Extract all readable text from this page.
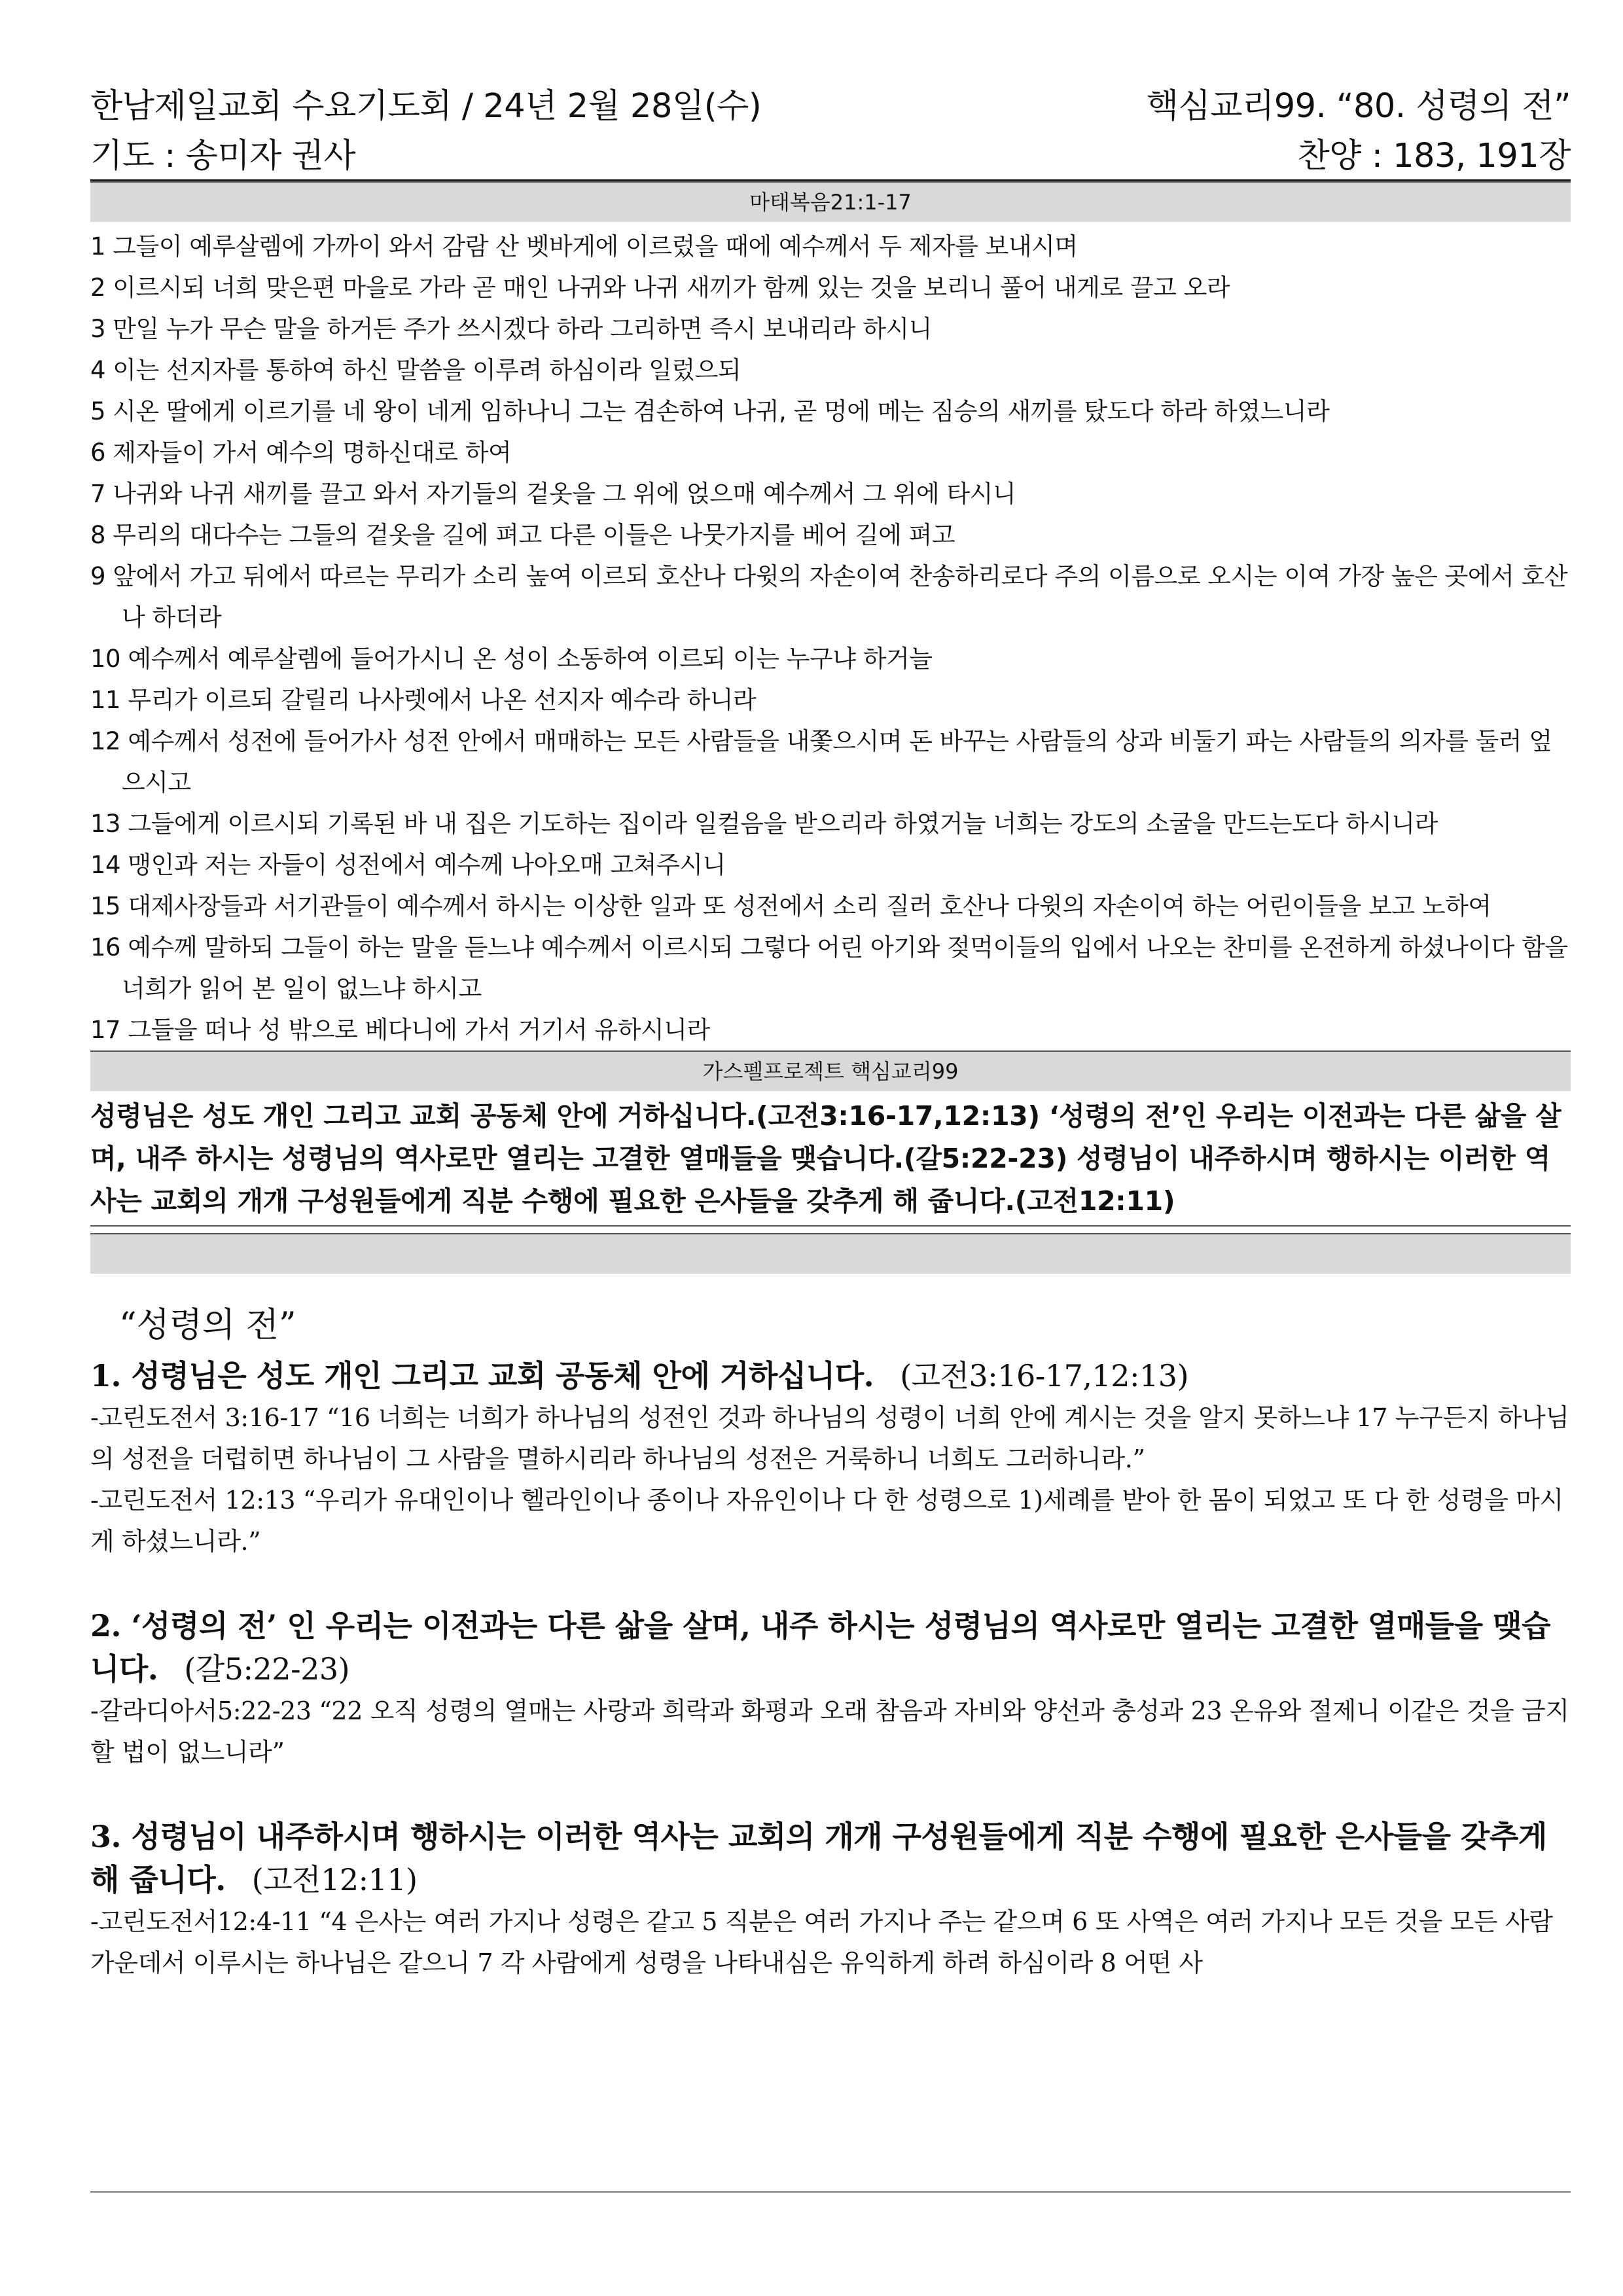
한남제일교회 수요기도회 / 24년 2월 28일(수)	핵심교리99. “80. 성령의 전”
기도 : 송미자 권사	찬양 : 183, 191장
마태복음21:1-17
1 그들이 예루살렘에 가까이 와서 감람 산 벳바게에 이르렀을 때에 예수께서 두 제자를 보내시며
2 이르시되 너희 맞은편 마을로 가라 곧 매인 나귀와 나귀 새끼가 함께 있는 것을 보리니 풀어 내게로 끌고 오라
3 만일 누가 무슨 말을 하거든 주가 쓰시겠다 하라 그리하면 즉시 보내리라 하시니
4 이는 선지자를 통하여 하신 말씀을 이루려 하심이라 일렀으되
5 시온 딸에게 이르기를 네 왕이 네게 임하나니 그는 겸손하여 나귀, 곧 멍에 메는 짐승의 새끼를 탔도다 하라 하였느니라
6 제자들이 가서 예수의 명하신대로 하여
7 나귀와 나귀 새끼를 끌고 와서 자기들의 겉옷을 그 위에 얹으매 예수께서 그 위에 타시니
8 무리의 대다수는 그들의 겉옷을 길에 펴고 다른 이들은 나뭇가지를 베어 길에 펴고
9 앞에서 가고 뒤에서 따르는 무리가 소리 높여 이르되 호산나 다윗의 자손이여 찬송하리로다 주의 이름으로 오시는 이여 가장 높은 곳에서 호산나 하더라
10 예수께서 예루살렘에 들어가시니 온 성이 소동하여 이르되 이는 누구냐 하거늘
11 무리가 이르되 갈릴리 나사렛에서 나온 선지자 예수라 하니라
12 예수께서 성전에 들어가사 성전 안에서 매매하는 모든 사람들을 내쫓으시며 돈 바꾸는 사람들의 상과 비둘기 파는 사람들의 의자를 둘러 엎으시고
13 그들에게 이르시되 기록된 바 내 집은 기도하는 집이라 일컬음을 받으리라 하였거늘 너희는 강도의 소굴을 만드는도다 하시니라
14 맹인과 저는 자들이 성전에서 예수께 나아오매 고쳐주시니
15 대제사장들과 서기관들이 예수께서 하시는 이상한 일과 또 성전에서 소리 질러 호산나 다윗의 자손이여 하는 어린이들을 보고 노하여
16 예수께 말하되 그들이 하는 말을 듣느냐 예수께서 이르시되 그렇다 어린 아기와 젖먹이들의 입에서 나오는 찬미를 온전하게 하셨나이다 함을 너희가 읽어 본 일이 없느냐 하시고
17 그들을 떠나 성 밖으로 베다니에 가서 거기서 유하시니라
가스펠프로젝트 핵심교리99
성령님은 성도 개인 그리고 교회 공동체 안에 거하십니다.(고전3:16-17,12:13) ‘성령의 전’인 우리는 이전과는 다른 삶을 살며, 내주 하시는 성령님의 역사로만 열리는 고결한 열매들을 맺습니다.(갈5:22-23) 성령님이 내주하시며 행하시는 이러한 역사는 교회의 개개 구성원들에게 직분 수행에 필요한 은사들을 갖추게 해 줍니다.(고전12:11)
“성령의 전”
1. 성령님은 성도 개인 그리고 교회 공동체 안에 거하십니다. (고전3:16-17,12:13)
-고린도전서 3:16-17 “16 너희는 너희가 하나님의 성전인 것과 하나님의 성령이 너희 안에 계시는 것을 알지 못하느냐 17 누구든지 하나님의 성전을 더럽히면 하나님이 그 사람을 멸하시리라 하나님의 성전은 거룩하니 너희도 그러하니라.”
-고린도전서 12:13 “우리가 유대인이나 헬라인이나 종이나 자유인이나 다 한 성령으로 1)세례를 받아 한 몸이 되었고 또 다 한 성령을 마시게 하셨느니라.”
2. ‘성령의 전’ 인 우리는 이전과는 다른 삶을 살며, 내주 하시는 성령님의 역사로만 열리는 고결한 열매들을 맺습니다. (갈5:22-23)
-갈라디아서5:22-23 “22 오직 성령의 열매는 사랑과 희락과 화평과 오래 참음과 자비와 양선과 충성과 23 온유와 절제니 이같은 것을 금지할 법이 없느니라”
3. 성령님이 내주하시며 행하시는 이러한 역사는 교회의 개개 구성원들에게 직분 수행에 필요한 은사들을 갖추게 해 줍니다. (고전12:11)
-고린도전서12:4-11 “4 은사는 여러 가지나 성령은 같고 5 직분은 여러 가지나 주는 같으며 6 또 사역은 여러 가지나 모든 것을 모든 사람 가운데서 이루시는 하나님은 같으니 7 각 사람에게 성령을 나타내심은 유익하게 하려 하심이라 8 어떤 사
